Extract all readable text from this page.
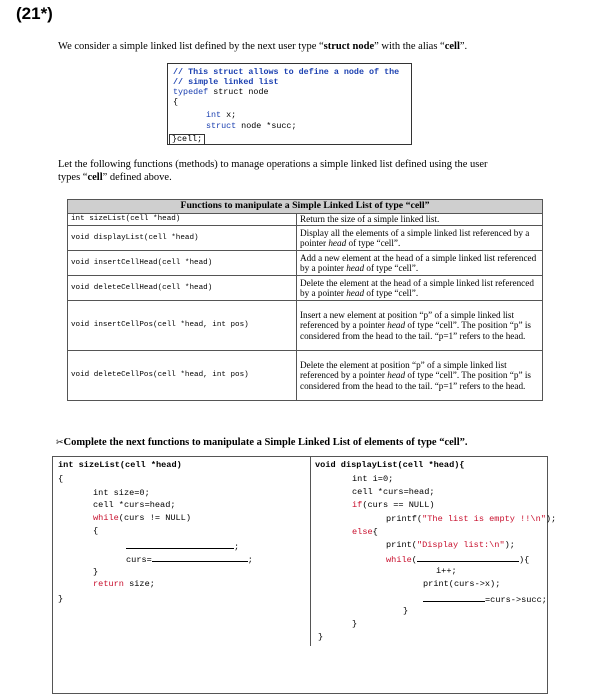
(21*)
We consider a simple linked list defined by the next user type “struct node” with the alias “cell”.
// This struct allows to define a node of the
// simple linked list
typedef struct node
{
int x;
struct node *succ;
}cell;
Let the following functions (methods) to manage operations a simple linked list defined using the user
types “cell” defined above.
Functions to manipulate a Simple Linked List of type “cell”	
int sizeList(cell *head)	Return the size of a simple linked list.
void displayList(cell *head)	Display all the elements of a simple linked list referenced by a pointer head of type “cell”.
void insertCellHead(cell *head)	Add a new element at the head of a simple linked list referenced by a pointer head of type “cell”.
void deleteCellHead(cell *head)	Delete the element at the head of a simple linked list referenced by a pointer head of type “cell”.
void insertCellPos(cell *head, int pos)	Insert a new element at position “p” of a simple linked list referenced by a pointer head of type “cell”. The position “p” is considered from the head to the tail. “p=1” refers to the head.
void deleteCellPos(cell *head, int pos)	Delete the element at position “p” of a simple linked list referenced by a pointer head of type “cell”. The position “p” is considered from the head to the tail. “p=1” refers to the head.
✂Complete the next functions to manipulate a Simple Linked List of elements of type “cell”.
int sizeList(cell *head)
{
int size=0;
cell *curs=head;
while(curs != NULL)
{
;
curs=	;
}
return size;
}
void displayList(cell *head){
int i=0;
cell *curs=head;
if(curs == NULL)
printf("The list is empty !!\n");
else{
print("Display list:\n");
while(	){
i++;
print(curs->x);
=curs->succ;
}
}
}
